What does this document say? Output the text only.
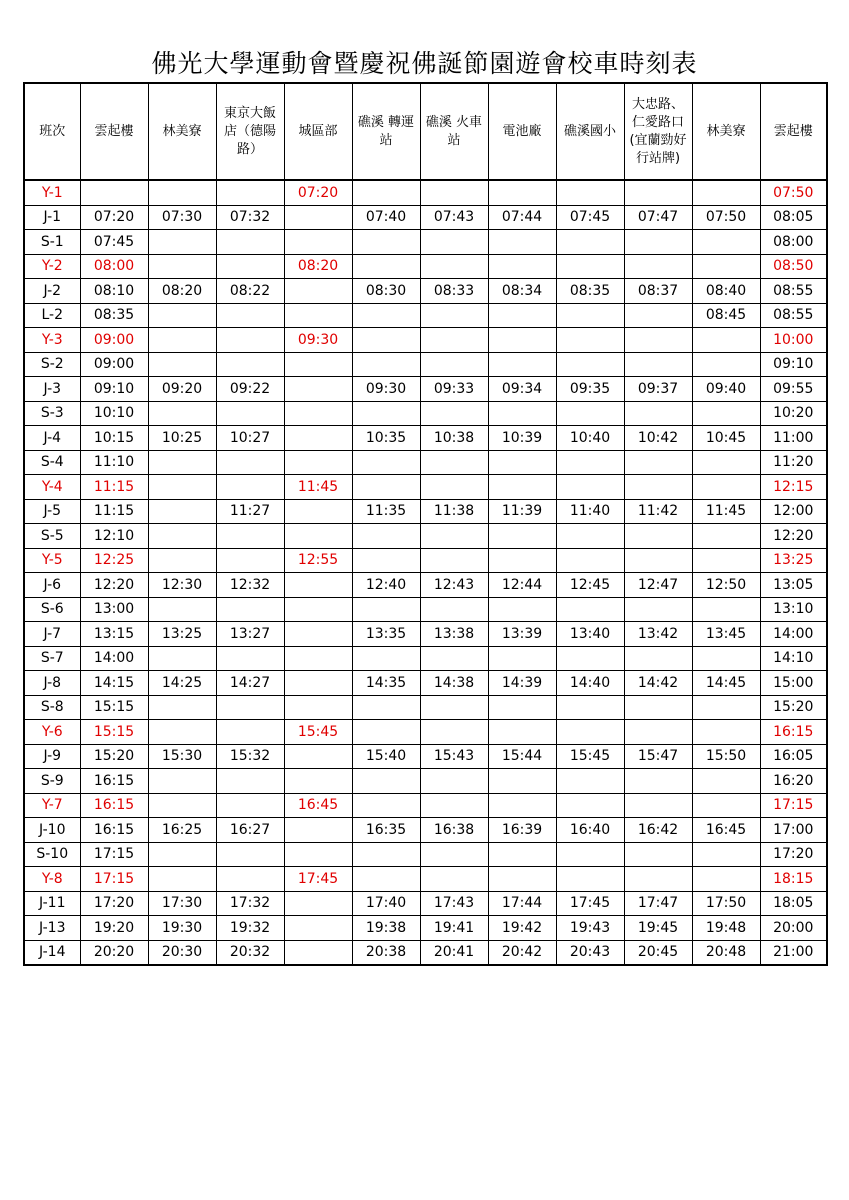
佛光大學運動會暨慶祝佛誕節園遊會校車時刻表
班次	雲起樓	林美寮	東京大飯店（德陽路）	城區部	礁溪 轉運站	礁溪 火車站	電池廠	礁溪國小	大忠路、仁愛路口(宜蘭勁好行站牌)	林美寮	雲起樓
Y-1				07:20							07:50
J-1	07:20	07:30	07:32		07:40	07:43	07:44	07:45	07:47	07:50	08:05
S-1	07:45										08:00
Y-2	08:00			08:20							08:50
J-2	08:10	08:20	08:22		08:30	08:33	08:34	08:35	08:37	08:40	08:55
L-2	08:35									08:45	08:55
Y-3	09:00			09:30							10:00
S-2	09:00										09:10
J-3	09:10	09:20	09:22		09:30	09:33	09:34	09:35	09:37	09:40	09:55
S-3	10:10										10:20
J-4	10:15	10:25	10:27		10:35	10:38	10:39	10:40	10:42	10:45	11:00
S-4	11:10										11:20
Y-4	11:15			11:45							12:15
J-5	11:15		11:27		11:35	11:38	11:39	11:40	11:42	11:45	12:00
S-5	12:10										12:20
Y-5	12:25			12:55							13:25
J-6	12:20	12:30	12:32		12:40	12:43	12:44	12:45	12:47	12:50	13:05
S-6	13:00										13:10
J-7	13:15	13:25	13:27		13:35	13:38	13:39	13:40	13:42	13:45	14:00
S-7	14:00										14:10
J-8	14:15	14:25	14:27		14:35	14:38	14:39	14:40	14:42	14:45	15:00
S-8	15:15										15:20
Y-6	15:15			15:45							16:15
J-9	15:20	15:30	15:32		15:40	15:43	15:44	15:45	15:47	15:50	16:05
S-9	16:15										16:20
Y-7	16:15			16:45							17:15
J-10	16:15	16:25	16:27		16:35	16:38	16:39	16:40	16:42	16:45	17:00
S-10	17:15										17:20
Y-8	17:15			17:45							18:15
J-11	17:20	17:30	17:32		17:40	17:43	17:44	17:45	17:47	17:50	18:05
J-13	19:20	19:30	19:32		19:38	19:41	19:42	19:43	19:45	19:48	20:00
J-14	20:20	20:30	20:32		20:38	20:41	20:42	20:43	20:45	20:48	21:00
